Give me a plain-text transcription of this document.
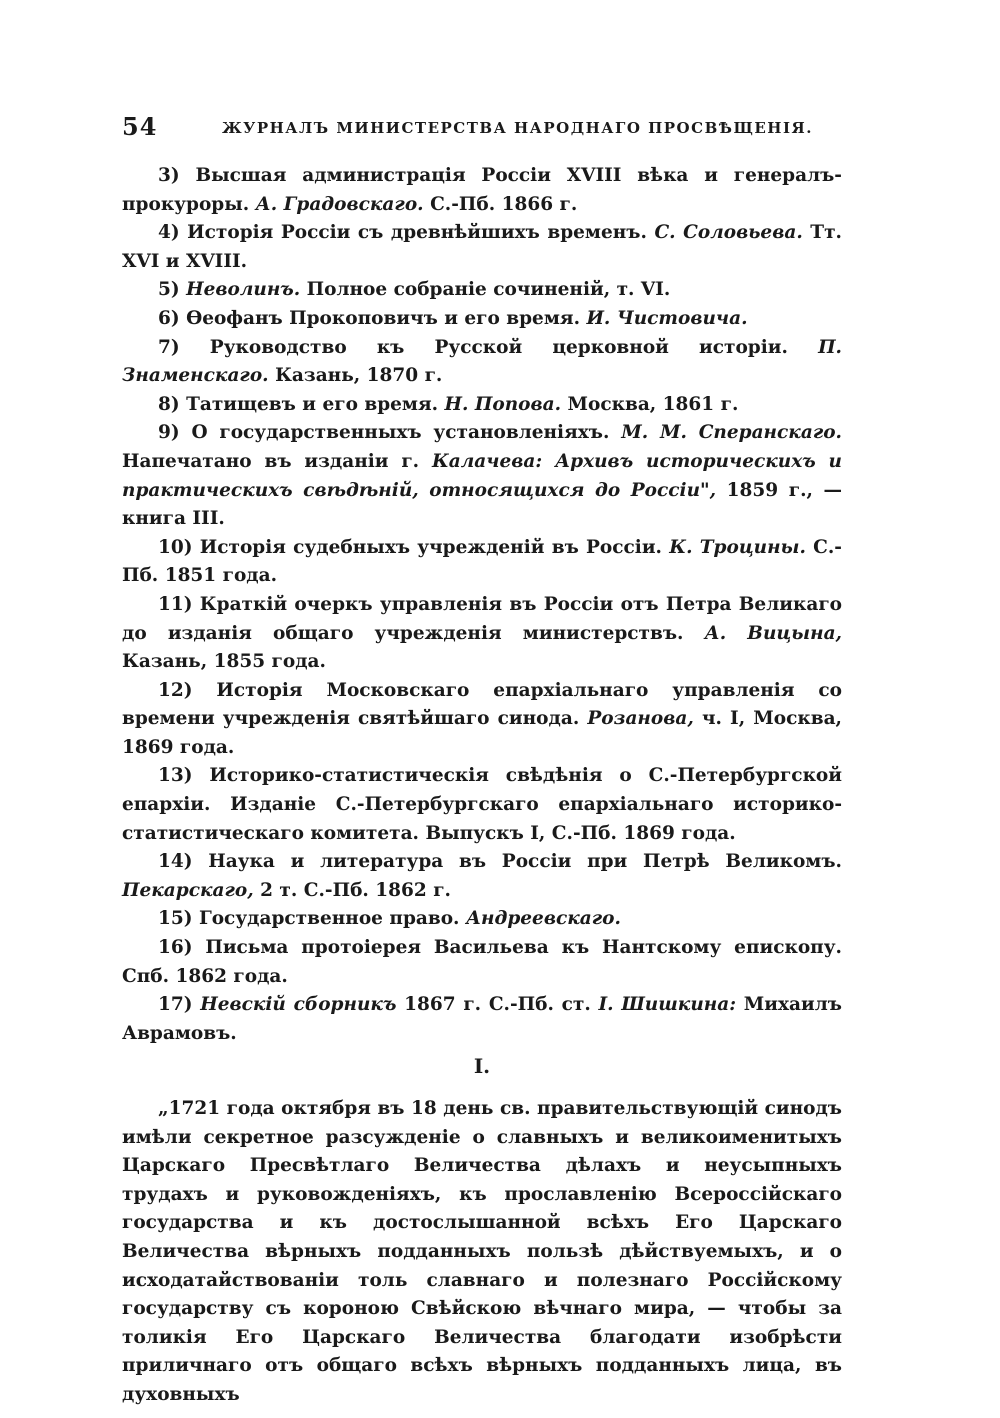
54	ЖУРНАЛЪ МИНИСТЕРСТВА НАРОДНАГО ПРОСВѢЩЕНІЯ.

3) Высшая администрація Россіи XVIII вѣка и генералъ-прокуроры. А. Градовскаго. С.-Пб. 1866 г.

4) Исторія Россіи съ древнѣйшихъ временъ. С. Соловьева. Тт. XVI и XVIII.

5) Неволинъ. Полное собраніе сочиненій, т. VI.

6) Ѳеофанъ Прокоповичъ и его время. И. Чистовича.

7) Руководство къ Русской церковной исторіи. П. Знаменскаго. Казань, 1870 г.

8) Татищевъ и его время. Н. Попова. Москва, 1861 г.

9) О государственныхъ установленіяхъ. М. М. Сперанскаго. Напечатано въ изданіи г. Калачева: Архивъ историческихъ и практическихъ свѣдѣній, относящихся до Россіи", 1859 г., — книга III.

10) Исторія судебныхъ учрежденій въ Россіи. К. Троцины. С.-Пб. 1851 года.

11) Краткій очеркъ управленія въ Россіи отъ Петра Великаго до изданія общаго учрежденія министерствъ. А. Вицына, Казань, 1855 года.

12) Исторія Московскаго епархіальнаго управленія со времени учрежденія святѣйшаго синода. Розанова, ч. I, Москва, 1869 года.

13) Историко-статистическія свѣдѣнія о С.-Петербургской епархіи. Изданіе С.-Петербургскаго епархіальнаго историко-статистическаго комитета. Выпускъ I, С.-Пб. 1869 года.

14) Наука и литература въ Россіи при Петрѣ Великомъ. Пекарскаго, 2 т. С.-Пб. 1862 г.

15) Государственное право. Андреевскаго.

16) Письма протоіерея Васильева къ Нантскому епископу. Спб. 1862 года.

17) Невскій сборникъ 1867 г. С.-Пб. ст. I. Шишкина: Михаилъ Аврамовъ.

I.

„1721 года октября въ 18 день св. правительствующій синодъ имѣли секретное разсужденіе о славныхъ и великоименитыхъ Царскаго Пресвѣтлаго Величества дѣлахъ и неусыпныхъ трудахъ и руковожденіяхъ, къ прославленію Всероссійскаго государства и къ достослышанной всѣхъ Его Царскаго Величества вѣрныхъ подданныхъ пользѣ дѣйствуемыхъ, и о исходатайствованіи толь славнаго и полезнаго Россійскому государству съ короною Свѣйскою вѣчнаго мира, — чтобы за толикія Его Царскаго Величества благодати изобрѣсти приличнаго отъ общаго всѣхъ вѣрныхъ подданныхъ лица, въ духовныхъ
